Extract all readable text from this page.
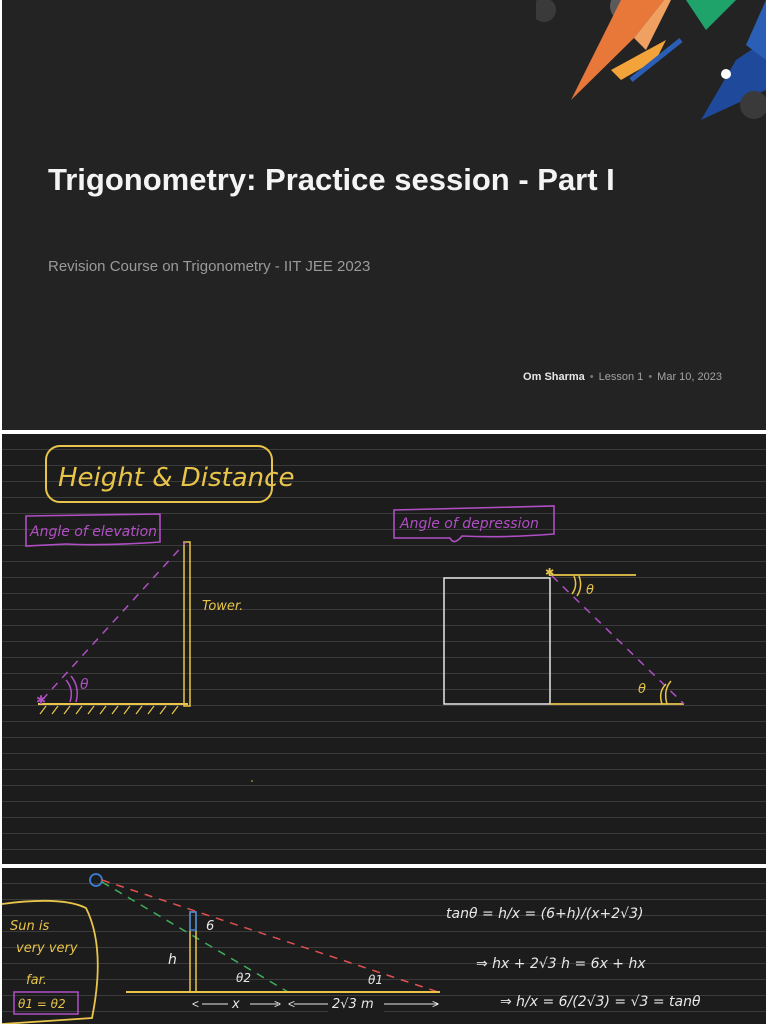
Trigonometry: Practice session - Part I

Revision Course on Trigonometry - IIT JEE 2023

Om Sharma • Lesson 1 • Mar 10, 2023
Height & Distance
Angle of elevation
θ
✱
Tower.
Angle of depression
✱
θ
θ
Sun is
very very
far.
θ1 = θ2
6
h
θ2	θ1
<	>
x	<	>
2√3 m
tanθ = h/x = (6+h)/(x+2√3)
⇒ hx + 2√3 h = 6x + hx
⇒ h/x = 6/(2√3) = √3 = tanθ
